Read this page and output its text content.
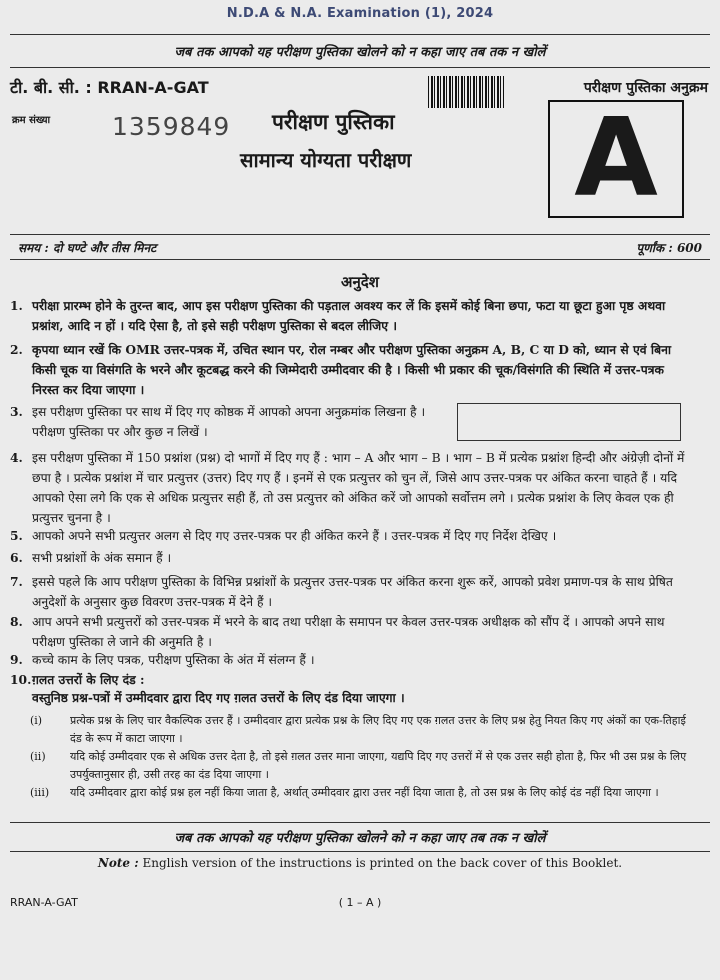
N.D.A & N.A. Examination (1), 2024
जब तक आपको यह परीक्षण पुस्तिका खोलने को न कहा जाए तब तक न खोलें
टी. बी. सी. : RRAN-A-GAT	परीक्षण पुस्तिका अनुक्रम
क्रम संख्या 1359849 परीक्षण पुस्तिका
सामान्य योग्यता परीक्षण A
समय : दो घण्टे और तीस मिनट	पूर्णांक : 600
अनुदेश
1. परीक्षा प्रारम्भ होने के तुरन्त बाद, आप इस परीक्षण पुस्तिका की पड़ताल अवश्य कर लें कि इसमें कोई बिना छपा, फटा या छूटा हुआ पृष्ठ अथवा प्रश्नांश, आदि न हों । यदि ऐसा है, तो इसे सही परीक्षण पुस्तिका से बदल लीजिए ।
2. कृपया ध्यान रखें कि OMR उत्तर-पत्रक में, उचित स्थान पर, रोल नम्बर और परीक्षण पुस्तिका अनुक्रम A, B, C या D को, ध्यान से एवं बिना किसी चूक या विसंगति के भरने और कूटबद्ध करने की जिम्मेदारी उम्मीदवार की है । किसी भी प्रकार की चूक/विसंगति की स्थिति में उत्तर-पत्रक निरस्त कर दिया जाएगा ।
3. इस परीक्षण पुस्तिका पर साथ में दिए गए कोष्ठक में आपको अपना अनुक्रमांक लिखना है । परीक्षण पुस्तिका पर और कुछ न लिखें ।
4. इस परीक्षण पुस्तिका में 150 प्रश्नांश (प्रश्न) दो भागों में दिए गए हैं : भाग – A और भाग – B । भाग – B में प्रत्येक प्रश्नांश हिन्दी और अंग्रेज़ी दोनों में छपा है । प्रत्येक प्रश्नांश में चार प्रत्युत्तर (उत्तर) दिए गए हैं । इनमें से एक प्रत्युत्तर को चुन लें, जिसे आप उत्तर-पत्रक पर अंकित करना चाहते हैं । यदि आपको ऐसा लगे कि एक से अधिक प्रत्युत्तर सही हैं, तो उस प्रत्युत्तर को अंकित करें जो आपको सर्वोत्तम लगे । प्रत्येक प्रश्नांश के लिए केवल एक ही प्रत्युत्तर चुनना है ।
5. आपको अपने सभी प्रत्युत्तर अलग से दिए गए उत्तर-पत्रक पर ही अंकित करने हैं । उत्तर-पत्रक में दिए गए निर्देश देखिए ।
6. सभी प्रश्नांशों के अंक समान हैं ।
7. इससे पहले कि आप परीक्षण पुस्तिका के विभिन्न प्रश्नांशों के प्रत्युत्तर उत्तर-पत्रक पर अंकित करना शुरू करें, आपको प्रवेश प्रमाण-पत्र के साथ प्रेषित अनुदेशों के अनुसार कुछ विवरण उत्तर-पत्रक में देने हैं ।
8. आप अपने सभी प्रत्युत्तरों को उत्तर-पत्रक में भरने के बाद तथा परीक्षा के समापन पर केवल उत्तर-पत्रक अधीक्षक को सौंप दें । आपको अपने साथ परीक्षण पुस्तिका ले जाने की अनुमति है ।
9. कच्चे काम के लिए पत्रक, परीक्षण पुस्तिका के अंत में संलग्न हैं ।
10. ग़लत उत्तरों के लिए दंड :
वस्तुनिष्ठ प्रश्न-पत्रों में उम्मीदवार द्वारा दिए गए ग़लत उत्तरों के लिए दंड दिया जाएगा ।
(i)	प्रत्येक प्रश्न के लिए चार वैकल्पिक उत्तर हैं । उम्मीदवार द्वारा प्रत्येक प्रश्न के लिए दिए गए एक ग़लत उत्तर के लिए प्रश्न हेतु नियत किए गए अंकों का एक-तिहाई दंड के रूप में काटा जाएगा ।
(ii)	यदि कोई उम्मीदवार एक से अधिक उत्तर देता है, तो इसे ग़लत उत्तर माना जाएगा, यद्यपि दिए गए उत्तरों में से एक उत्तर सही होता है, फिर भी उस प्रश्न के लिए उपर्युक्तानुसार ही, उसी तरह का दंड दिया जाएगा ।
(iii)	यदि उम्मीदवार द्वारा कोई प्रश्न हल नहीं किया जाता है, अर्थात् उम्मीदवार द्वारा उत्तर नहीं दिया जाता है, तो उस प्रश्न के लिए कोई दंड नहीं दिया जाएगा ।
जब तक आपको यह परीक्षण पुस्तिका खोलने को न कहा जाए तब तक न खोलें
Note : English version of the instructions is printed on the back cover of this Booklet.
RRAN-A-GAT	( 1 – A )
